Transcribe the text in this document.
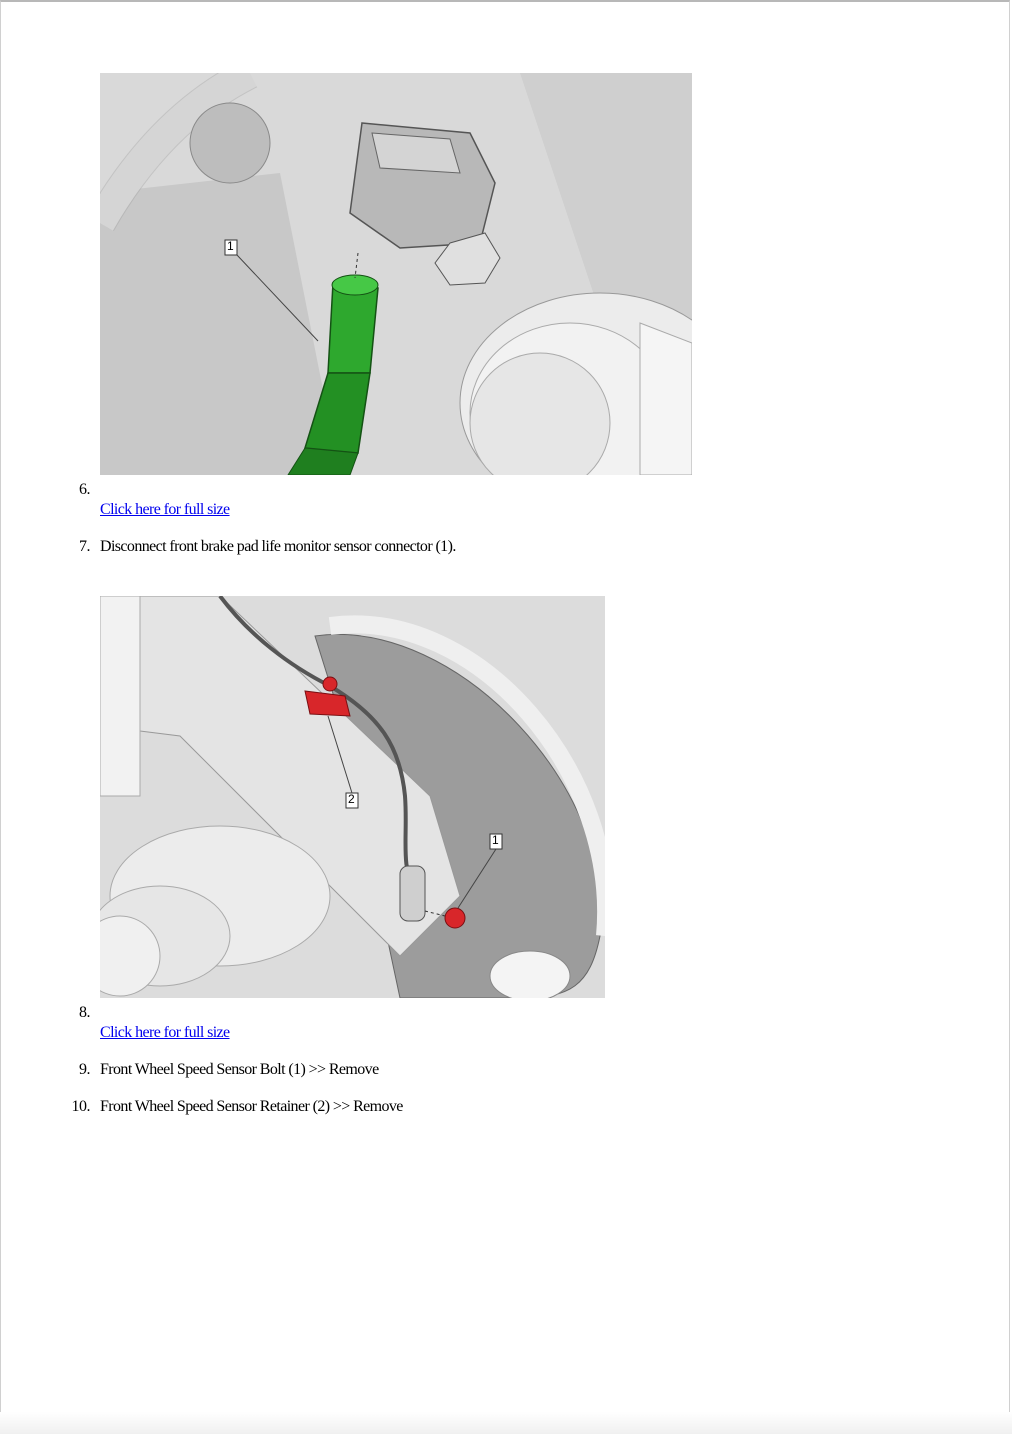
1
6.
Click here for full size
7. Disconnect front brake pad life monitor sensor connector (1).
2
1
8.
Click here for full size
9. Front Wheel Speed Sensor Bolt (1) >> Remove
10. Front Wheel Speed Sensor Retainer (2) >> Remove
